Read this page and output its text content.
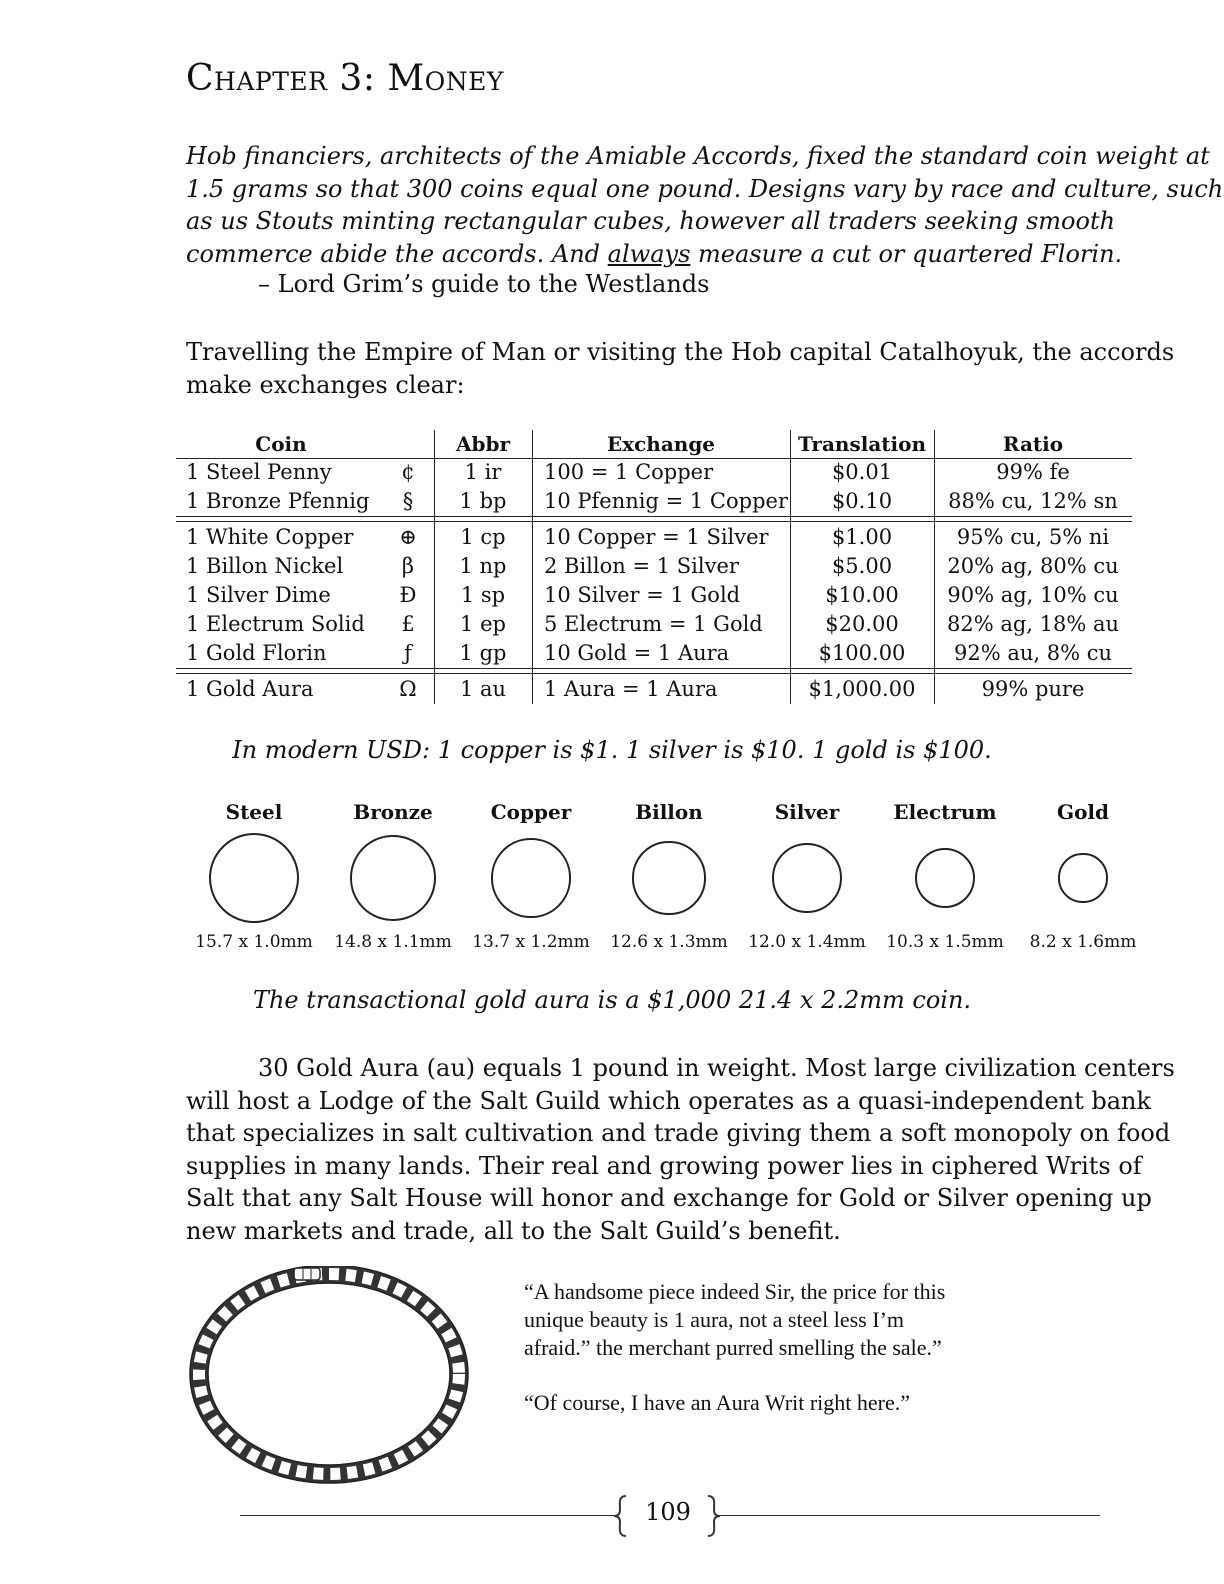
Chapter 3: Money
Hob financiers, architects of the Amiable Accords, fixed the standard coin weight at
1.5 grams so that 300 coins equal one pound. Designs vary by race and culture, such
as us Stouts minting rectangular cubes, however all traders seeking smooth
commerce abide the accords. And always measure a cut or quartered Florin.
– Lord Grim’s guide to the Westlands
Travelling the Empire of Man or visiting the Hob capital Catalhoyuk, the accords
make exchanges clear:
Coin	Abbr	Exchange	Translation	Ratio
1 Steel Penny	¢	1 ir	100 = 1 Copper	$0.01	99% fe
1 Bronze Pfennig	§	1 bp	10 Pfennig = 1 Copper	$0.10	88% cu, 12% sn
1 White Copper	⊕	1 cp	10 Copper = 1 Silver	$1.00	95% cu, 5% ni
1 Billon Nickel	β	1 np	2 Billon = 1 Silver	$5.00	20% ag, 80% cu
1 Silver Dime	Đ	1 sp	10 Silver = 1 Gold	$10.00	90% ag, 10% cu
1 Electrum Solid	£	1 ep	5 Electrum = 1 Gold	$20.00	82% ag, 18% au
1 Gold Florin	ƒ	1 gp	10 Gold = 1 Aura	$100.00	92% au, 8% cu
1 Gold Aura	Ω	1 au	1 Aura = 1 Aura	$1,000.00	99% pure
In modern USD: 1 copper is $1. 1 silver is $10. 1 gold is $100.
Steel
15.7 x 1.0mm
Bronze
14.8 x 1.1mm
Copper
13.7 x 1.2mm
Billon
12.6 x 1.3mm
Silver
12.0 x 1.4mm
Electrum
10.3 x 1.5mm
Gold
8.2 x 1.6mm
The transactional gold aura is a $1,000 21.4 x 2.2mm coin.
30 Gold Aura (au) equals 1 pound in weight. Most large civilization centers
will host a Lodge of the Salt Guild which operates as a quasi-independent bank
that specializes in salt cultivation and trade giving them a soft monopoly on food
supplies in many lands. Their real and growing power lies in ciphered Writs of
Salt that any Salt House will honor and exchange for Gold or Silver opening up
new markets and trade, all to the Salt Guild’s benefit.
“A handsome piece indeed Sir, the price for this
unique beauty is 1 aura, not a steel less I’m
afraid.” the merchant purred smelling the sale.”
“Of course, I have an Aura Writ right here.”
109
